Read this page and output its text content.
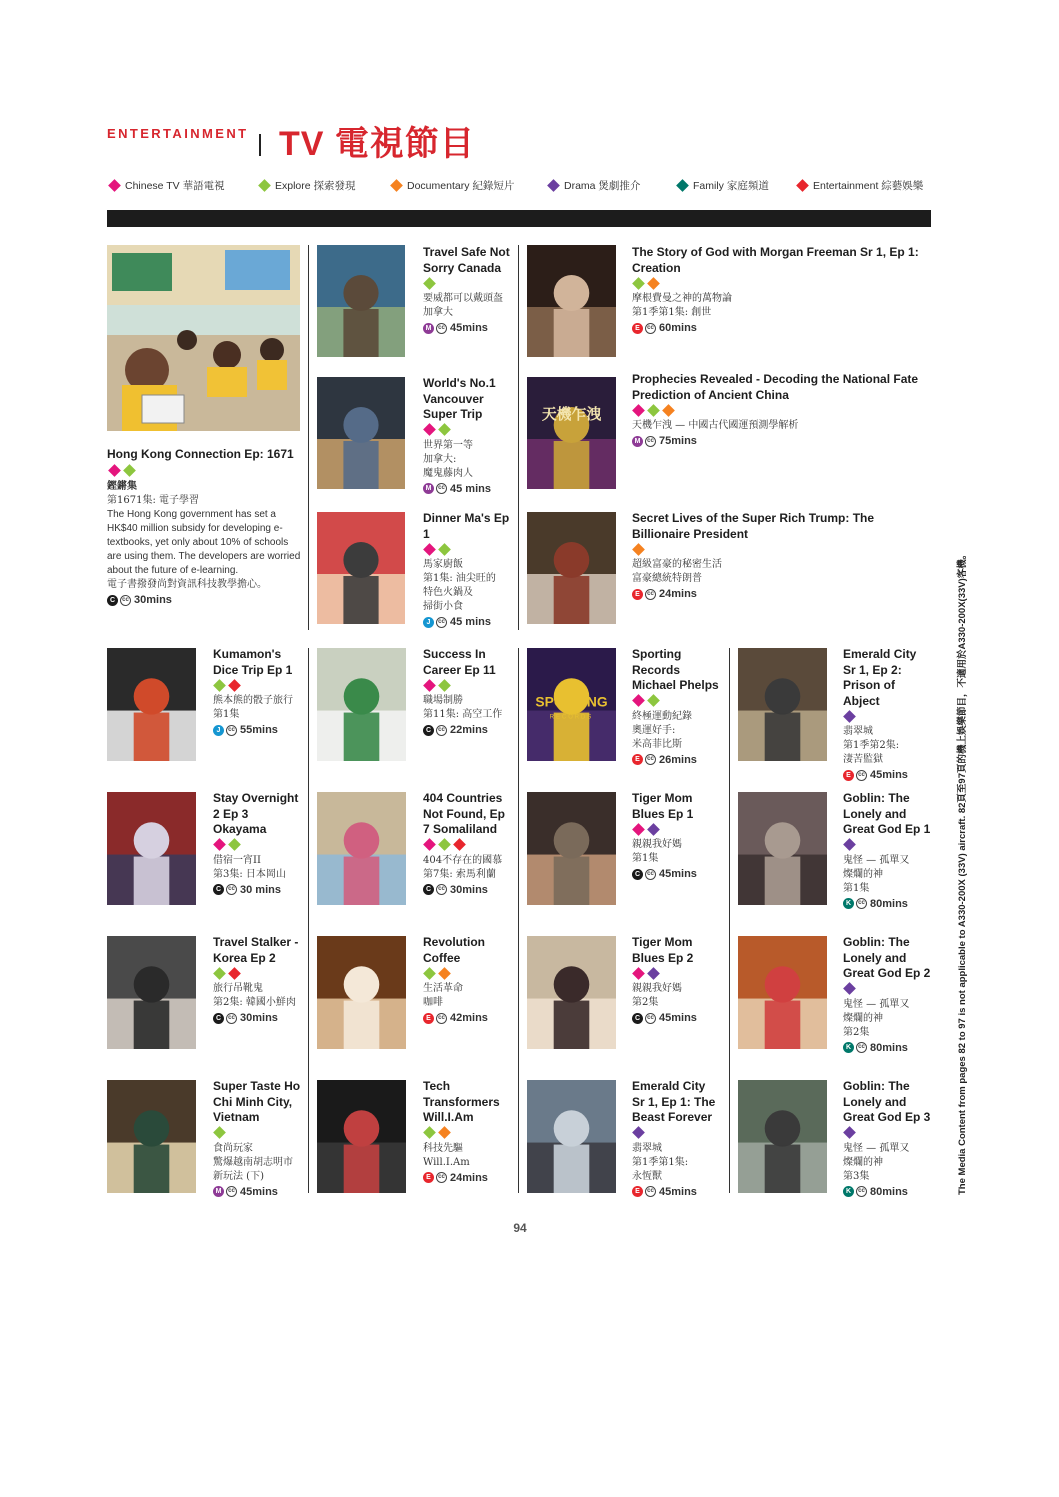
ENTERTAINMENT TV 電視節目
Chinese TV 華語電視	Explore 探索發現	Documentary 紀錄短片	Drama 煲劇推介	Family 家庭頻道	Entertainment 綜藝娛樂
Hong Kong Connection Ep: 1671
鏗鏘集
第1671集: 電子學習
The Hong Kong government has set a HK$40 million subsidy for developing e-textbooks, yet only about 10% of schools are using them. The developers are worried about the future of e-learning.
電子書撥發尚對資訊科技教學擔心。
C	cc 30mins
天機乍洩
SPORTING
RECORDS
Travel Safe Not Sorry Canada
要威都可以戴頭盔
加拿大
M	cc 45mins
World's No.1 Vancouver Super Trip
世界第一等
加拿大:
魔鬼藤肉人
M	cc 45 mins
Dinner Ma's Ep 1
馬家廚飯
第1集: 油尖旺的
特色火鍋及
掃街小食
J	cc 45 mins
The Story of God with Morgan Freeman Sr 1, Ep 1: Creation
摩根費曼之神的萬物論
第1季第1集: 創世
E	cc 60mins
Prophecies Revealed - Decoding the National Fate Prediction of Ancient China
天機乍洩 — 中國古代國運預測學解析
M	cc 75mins
Secret Lives of the Super Rich Trump: The Billionaire President
超級富豪的秘密生活
富豪總統特朗普
E	cc 24mins
Kumamon's Dice Trip Ep 1
熊本熊的骰子旅行
第1集
J	cc 55mins
Success In Career Ep 11
職場制勝
第11集: 高空工作
C	cc 22mins
Sporting Records Michael Phelps
終極運動紀錄
奧運好手:
米高菲比斯
E	cc 26mins
Emerald City Sr 1, Ep 2: Prison of Abject
翡翠城
第1季第2集:
淒苦監獄
E	cc 45mins
Stay Overnight 2 Ep 3 Okayama
借宿一宵II
第3集: 日本岡山
C	cc 30 mins
404 Countries Not Found, Ep 7 Somaliland
404不存在的國慕
第7集: 索馬利蘭
C	cc 30mins
Tiger Mom Blues Ep 1
親親我好媽
第1集
C	cc 45mins
Goblin: The Lonely and Great God Ep 1
鬼怪 — 孤單又
燦爛的神
第1集
K	cc 80mins
Travel Stalker - Korea Ep 2
旅行吊靴鬼
第2集: 韓國小鮮肉
C	cc 30mins
Revolution Coffee
生活革命
咖啡
E	cc 42mins
Tiger Mom Blues Ep 2
親親我好媽
第2集
C	cc 45mins
Goblin: The Lonely and Great God Ep 2
鬼怪 — 孤單又
燦爛的神
第2集
K	cc 80mins
Super Taste Ho Chi Minh City, Vietnam
食尚玩家
驚爆越南胡志明市
新玩法 (下)
M	cc 45mins
Tech Transformers Will.I.Am
科技先驅
Will.I.Am
E	cc 24mins
Emerald City Sr 1, Ep 1: The Beast Forever
翡翠城
第1季第1集:
永恆獸
E	cc 45mins
Goblin: The Lonely and Great God Ep 3
鬼怪 — 孤單又
燦爛的神
第3集
K	cc 80mins
94
The Media Content from pages 82 to 97 is not applicable to A330-200X (33V) aircraft. 82頁至97頁的機上娛樂節目，不適用於A330-200X(33V)客機。
